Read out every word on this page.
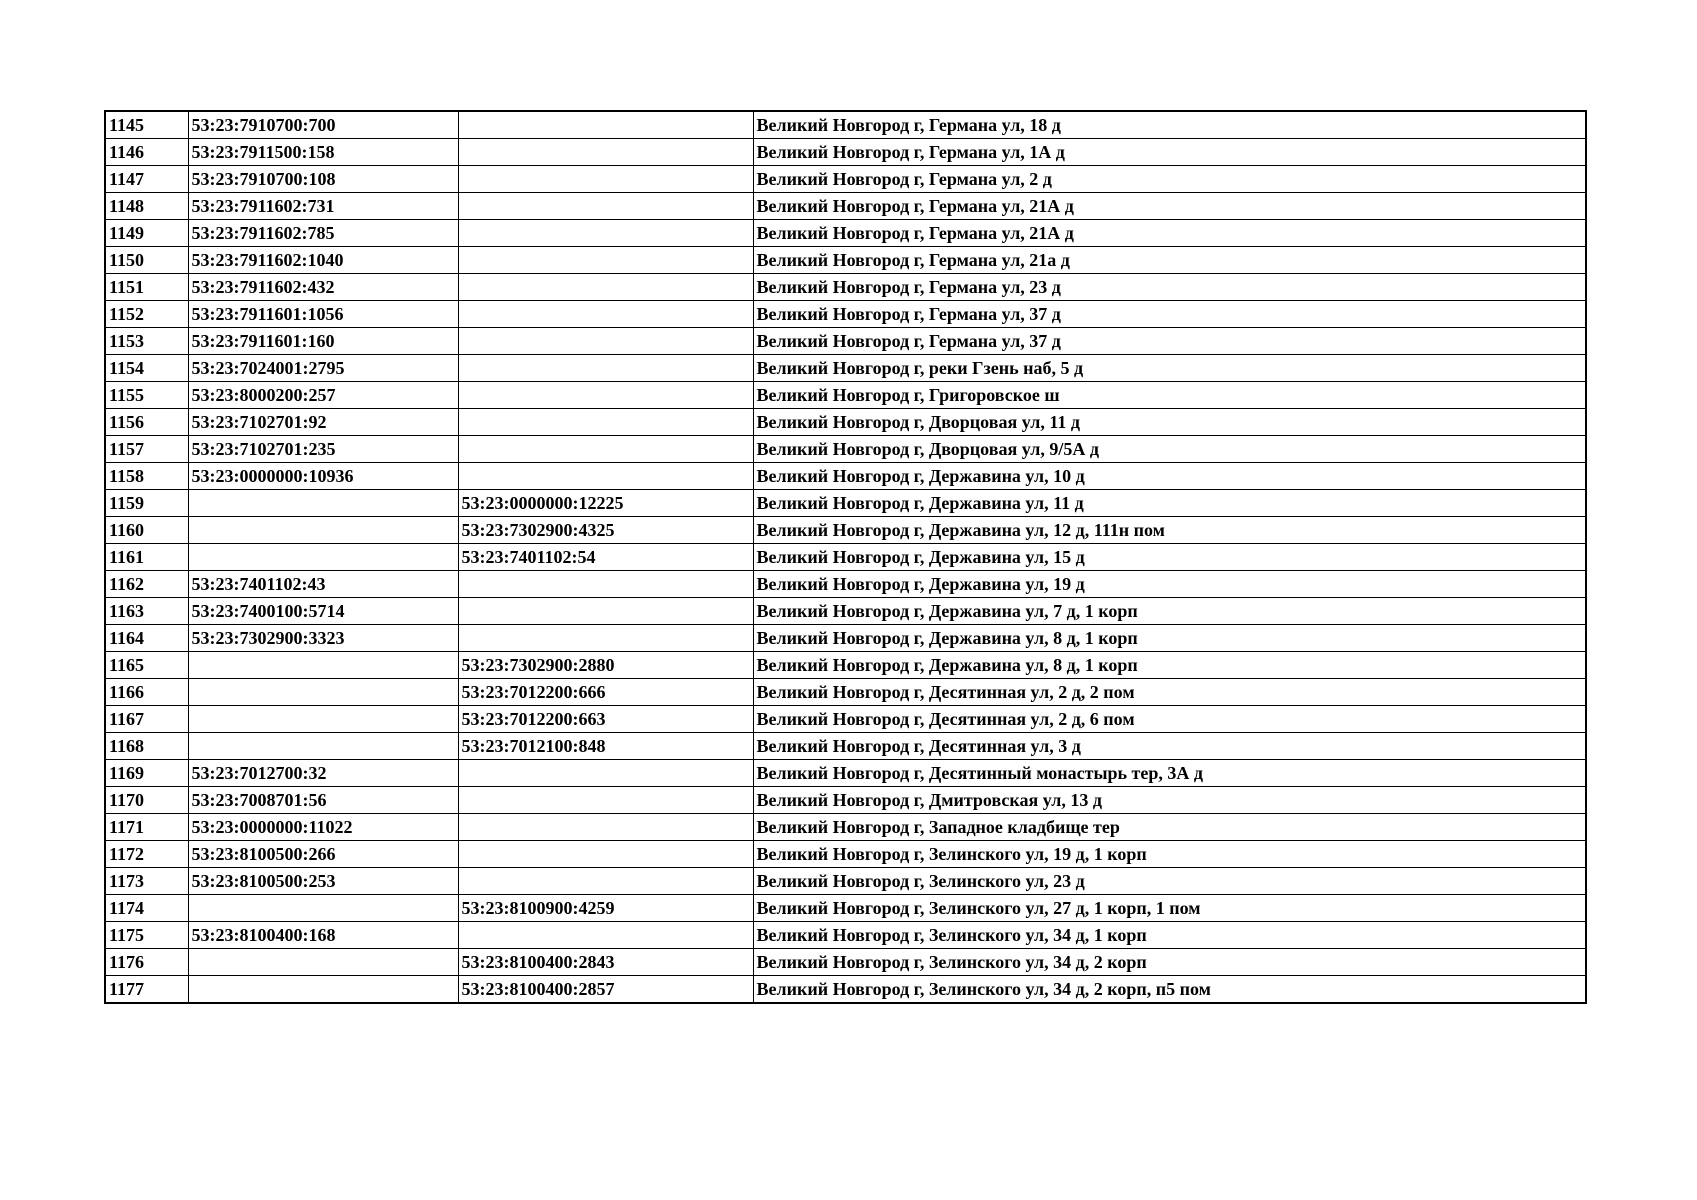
1145	53:23:7910700:700		Великий Новгород г, Германа ул, 18 д
1146	53:23:7911500:158		Великий Новгород г, Германа ул, 1А д
1147	53:23:7910700:108		Великий Новгород г, Германа ул, 2 д
1148	53:23:7911602:731		Великий Новгород г, Германа ул, 21А д
1149	53:23:7911602:785		Великий Новгород г, Германа ул, 21А д
1150	53:23:7911602:1040		Великий Новгород г, Германа ул, 21а д
1151	53:23:7911602:432		Великий Новгород г, Германа ул, 23 д
1152	53:23:7911601:1056		Великий Новгород г, Германа ул, 37 д
1153	53:23:7911601:160		Великий Новгород г, Германа ул, 37 д
1154	53:23:7024001:2795		Великий Новгород г, реки Гзень наб, 5 д
1155	53:23:8000200:257		Великий Новгород г, Григоровское ш
1156	53:23:7102701:92		Великий Новгород г, Дворцовая ул, 11 д
1157	53:23:7102701:235		Великий Новгород г, Дворцовая ул, 9/5А д
1158	53:23:0000000:10936		Великий Новгород г, Державина ул, 10 д
1159		53:23:0000000:12225	Великий Новгород г, Державина ул, 11 д
1160		53:23:7302900:4325	Великий Новгород г, Державина ул, 12 д, 111н пом
1161		53:23:7401102:54	Великий Новгород г, Державина ул, 15 д
1162	53:23:7401102:43		Великий Новгород г, Державина ул, 19 д
1163	53:23:7400100:5714		Великий Новгород г, Державина ул, 7 д, 1 корп
1164	53:23:7302900:3323		Великий Новгород г, Державина ул, 8 д, 1 корп
1165		53:23:7302900:2880	Великий Новгород г, Державина ул, 8 д, 1 корп
1166		53:23:7012200:666	Великий Новгород г, Десятинная ул, 2 д, 2 пом
1167		53:23:7012200:663	Великий Новгород г, Десятинная ул, 2 д, 6 пом
1168		53:23:7012100:848	Великий Новгород г, Десятинная ул, 3 д
1169	53:23:7012700:32		Великий Новгород г, Десятинный монастырь тер, 3А д
1170	53:23:7008701:56		Великий Новгород г, Дмитровская ул, 13 д
1171	53:23:0000000:11022		Великий Новгород г, Западное кладбище тер
1172	53:23:8100500:266		Великий Новгород г, Зелинского ул, 19 д, 1 корп
1173	53:23:8100500:253		Великий Новгород г, Зелинского ул, 23 д
1174		53:23:8100900:4259	Великий Новгород г, Зелинского ул, 27 д, 1 корп, 1 пом
1175	53:23:8100400:168		Великий Новгород г, Зелинского ул, 34 д, 1 корп
1176		53:23:8100400:2843	Великий Новгород г, Зелинского ул, 34 д, 2 корп
1177		53:23:8100400:2857	Великий Новгород г, Зелинского ул, 34 д, 2 корп, п5 пом
